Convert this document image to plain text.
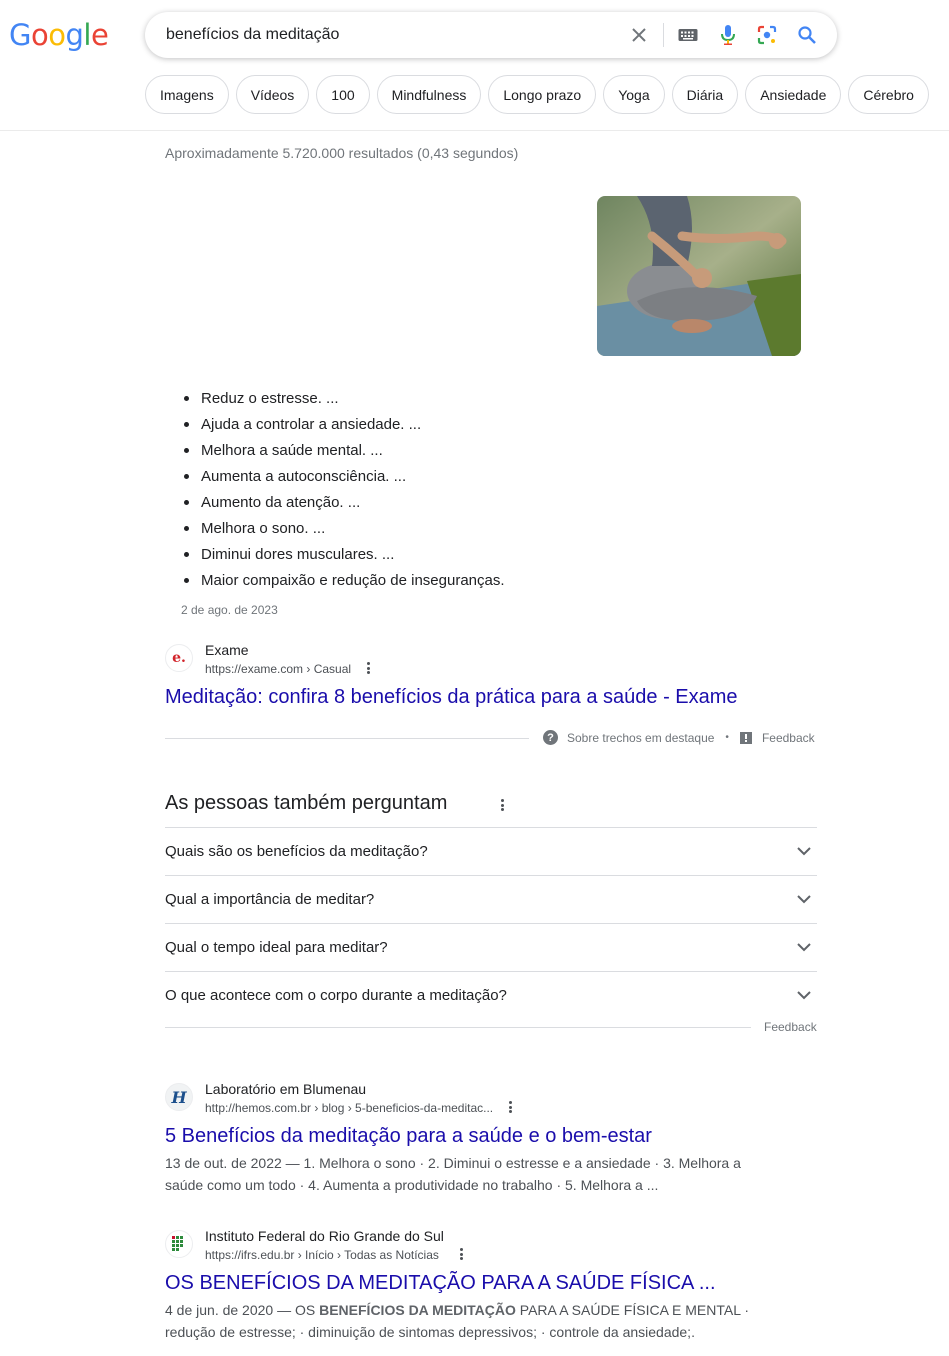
Google	benefícios da meditação
Imagens	Vídeos	100	Mindfulness	Longo prazo	Yoga	Diária	Ansiedade	Cérebro
Aproximadamente 5.720.000 resultados (0,43 segundos)
Reduz o estresse. ...
Ajuda a controlar a ansiedade. ...
Melhora a saúde mental. ...
Aumenta a autoconsciência. ...
Aumento da atenção. ...
Melhora o sono. ...
Diminui dores musculares. ...
Maior compaixão e redução de inseguranças.
2 de ago. de 2023
e. Exame
https://exame.com › Casual
Meditação: confira 8 benefícios da prática para a saúde - Exame
?	Sobre trechos em destaque •	Feedback
As pessoas também perguntam
Quais são os benefícios da meditação?
Qual a importância de meditar?
Qual o tempo ideal para meditar?
O que acontece com o corpo durante a meditação?
Feedback
H Laboratório em Blumenau
http://hemos.com.br › blog › 5-beneficios-da-meditac...
5 Benefícios da meditação para a saúde e o bem-estar
13 de out. de 2022 — 1. Melhora o sono · 2. Diminui o estresse e a ansiedade · 3. Melhora a
saúde como um todo · 4. Aumenta a produtividade no trabalho · 5. Melhora a ...
Instituto Federal do Rio Grande do Sul
https://ifrs.edu.br › Início › Todas as Notícias
OS BENEFÍCIOS DA MEDITAÇÃO PARA A SAÚDE FÍSICA ...
4 de jun. de 2020 — OS BENEFÍCIOS DA MEDITAÇÃO PARA A SAÚDE FÍSICA E MENTAL ·
redução de estresse; · diminuição de sintomas depressivos; · controle da ansiedade;.
